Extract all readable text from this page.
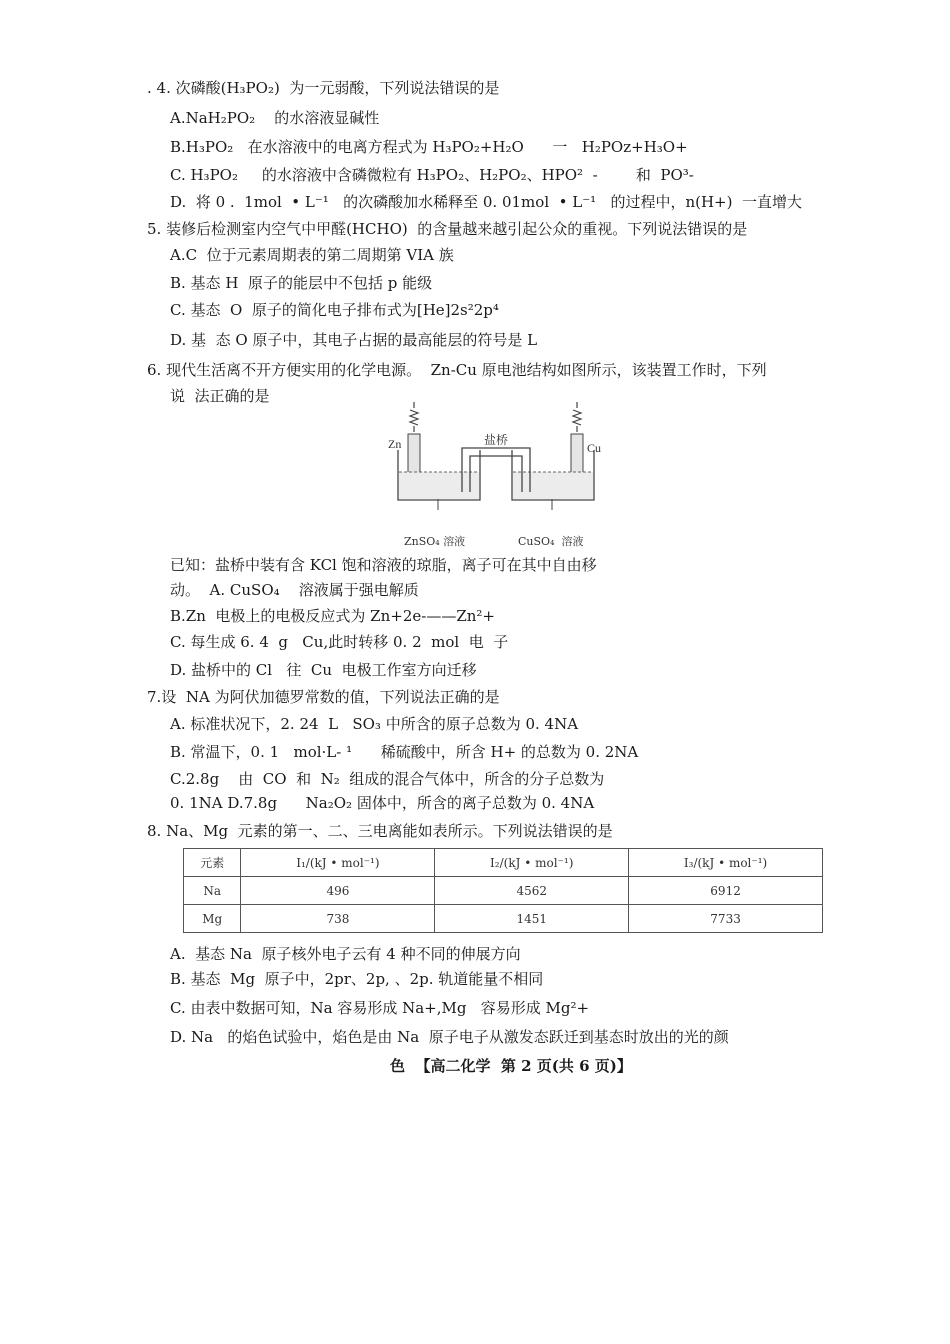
. 4. 次磷酸(H₃PO₂)  为一元弱酸，下列说法错误的是
A.NaH₂PO₂    的水溶液显碱性
B.H₃PO₂   在水溶液中的电离方程式为 H₃PO₂+H₂O      一   H₂POz+H₃O+
C. H₃PO₂     的水溶液中含磷微粒有 H₃PO₂、H₂PO₂、HPO²  -        和  PO³-
D.  将 0 .  1mol  • L⁻¹   的次磷酸加水稀释至 0. 01mol  • L⁻¹   的过程中，n(H+)  一直增大
5. 装修后检测室内空气中甲醛(HCHO)  的含量越来越引起公众的重视。下列说法错误的是
A.C  位于元素周期表的第二周期第 VIA 族
B. 基态 H  原子的能层中不包括 p 能级
C. 基态  O  原子的简化电子排布式为[He]2s²2p⁴
D. 基  态 O 原子中，其电子占据的最高能层的符号是 L
6. 现代生活离不开方便实用的化学电源。  Zn-Cu 原电池结构如图所示，该装置工作时，下列
说  法正确的是
Zn	Cu
盐桥
ZnSO₄ 溶液	CuSO₄  溶液
已知：盐桥中装有含 KCl 饱和溶液的琼脂，离子可在其中自由移
动。  A. CuSO₄    溶液属于强电解质
B.Zn  电极上的电极反应式为 Zn+2e-——Zn²+
C. 每生成 6. 4  g   Cu,此时转移 0. 2  mol  电  子
D. 盐桥中的 Cl   往  Cu  电极工作室方向迁移
7.设  NA 为阿伏加德罗常数的值，下列说法正确的是
A. 标准状况下，2. 24  L   SO₃ 中所含的原子总数为 0. 4NA
B. 常温下，0. 1   mol·L- ¹      稀硫酸中，所含 H+ 的总数为 0. 2NA
C.2.8g    由  CO  和  N₂  组成的混合气体中，所含的分子总数为
0. 1NA D.7.8g      Na₂O₂ 固体中，所含的离子总数为 0. 4NA
8. Na、Mg  元素的第一、二、三电离能如表所示。下列说法错误的是
元素	I₁/(kJ • mol⁻¹)	I₂/(kJ • mol⁻¹)	I₃/(kJ • mol⁻¹)
Na	496	4562	6912
Mg	738	1451	7733
A.  基态 Na  原子核外电子云有 4 种不同的伸展方向
B. 基态  Mg  原子中，2pr、2p, 、2p. 轨道能量不相同
C. 由表中数据可知，Na 容易形成 Na+,Mg   容易形成 Mg²+
D. Na   的焰色试验中，焰色是由 Na  原子电子从激发态跃迁到基态时放出的光的颜
色  【高二化学  第 2 页(共 6 页)】
